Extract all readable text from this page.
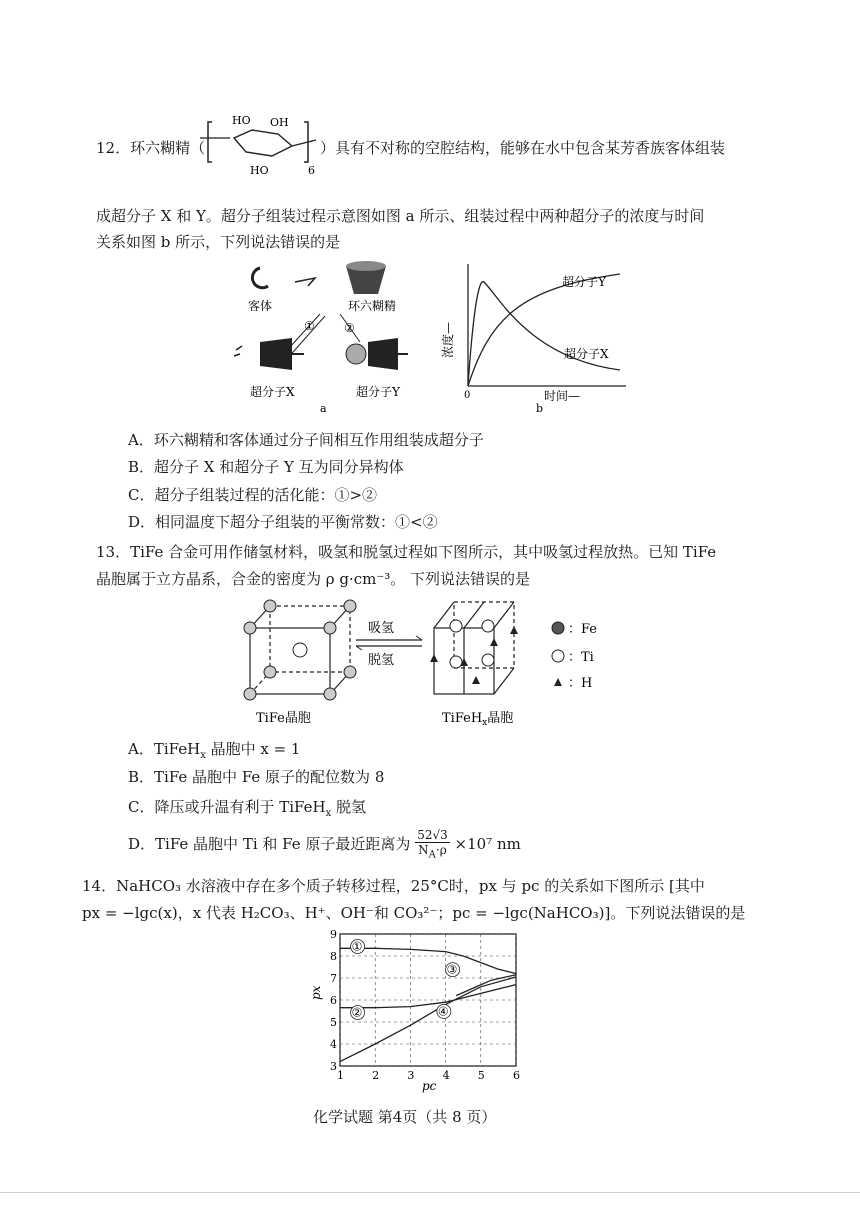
12．环六糊精（
HO OH
HO	6
）具有不对称的空腔结构，能够在水中包含某芳香族客体组装
成超分子 X 和 Y。超分子组装过程示意图如图 a 所示、组装过程中两种超分子的浓度与时间
关系如图 b 所示，下列说法错误的是
客体	环六糊精
① ②
超分子X	超分子Y
a
超分子Y
超分子X
浓度—
0	时间—
b
A．环六糊精和客体通过分子间相互作用组装成超分子
B．超分子 X 和超分子 Y 互为同分异构体
C．超分子组装过程的活化能：①>②
D．相同温度下超分子组装的平衡常数：①<②
13．TiFe 合金可用作储氢材料，吸氢和脱氢过程如下图所示，其中吸氢过程放热。已知 TiFe
晶胞属于立方晶系，合金的密度为 ρ g·cm⁻³。 下列说法错误的是
吸氢
脱氢
：Fe
：Ti
：H
TiFe晶胞	TiFeH$_x$晶胞
A．TiFeH$_x$ 晶胞中 x = 1
B．TiFe 晶胞中 Fe 原子的配位数为 8
C．降压或升温有利于 TiFeH$_x$ 脱氢
D．TiFe 晶胞中 Ti 和 Fe 原子最近距离为 $\frac{52√3}{N_A\cdot\rho} \times 10^7$ nm
14．NaHCO₃ 水溶液中存在多个质子转移过程，25°C时，px 与 pc 的关系如下图所示 [其中
px = −lgc(x)，x 代表 H₂CO₃、H⁺、OH⁻和 CO₃²⁻；pc = −lgc(NaHCO₃)]。下列说法错误的是
1	2	3	4	5	6
3
4
5
6
7
8
9
pc
px
①
②
③
④
化学试题 第4页（共 8 页）
